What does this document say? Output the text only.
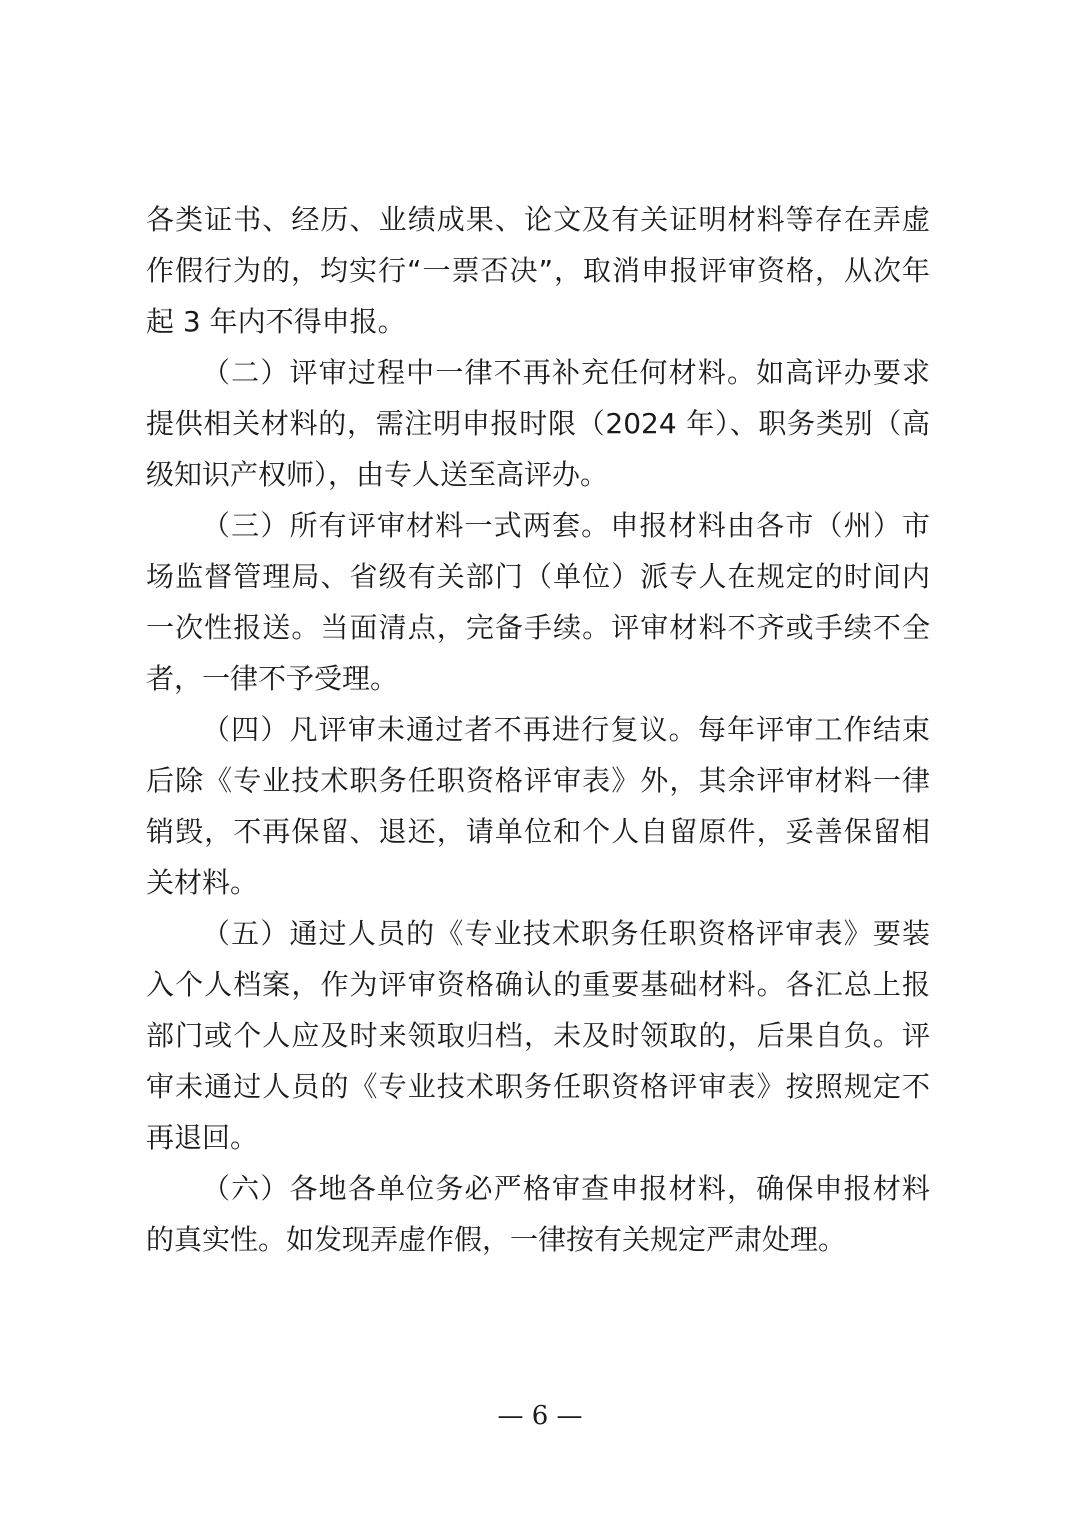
各类证书、经历、业绩成果、论文及有关证明材料等存在弄虚
作假行为的，均实行“一票否决”，取消申报评审资格，从次年
起 3 年内不得申报。
（二）评审过程中一律不再补充任何材料。如高评办要求
提供相关材料的，需注明申报时限（2024 年）、职务类别（高
级知识产权师），由专人送至高评办。
（三）所有评审材料一式两套。申报材料由各市（州）市
场监督管理局、省级有关部门（单位）派专人在规定的时间内
一次性报送。当面清点，完备手续。评审材料不齐或手续不全
者，一律不予受理。
（四）凡评审未通过者不再进行复议。每年评审工作结束
后除《专业技术职务任职资格评审表》外，其余评审材料一律
销毁，不再保留、退还，请单位和个人自留原件，妥善保留相
关材料。
（五）通过人员的《专业技术职务任职资格评审表》要装
入个人档案，作为评审资格确认的重要基础材料。各汇总上报
部门或个人应及时来领取归档，未及时领取的，后果自负。评
审未通过人员的《专业技术职务任职资格评审表》按照规定不
再退回。
（六）各地各单位务必严格审查申报材料，确保申报材料
的真实性。如发现弄虚作假，一律按有关规定严肃处理。
— 6 —
